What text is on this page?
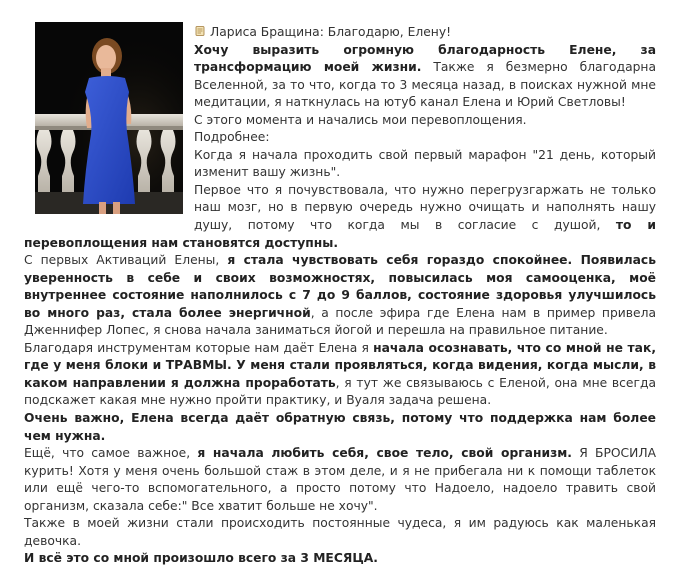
Лариса Бращина: Благодарю, Елену!

Хочу выразить огромную благодарность Елене, за трансформацию моей жизни. Также я безмерно благодарна Вселенной, за то что, когда то 3 месяца назад, в поисках нужной мне медитации, я наткнулась на ютуб канал Елена и Юрий Светловы!

С этого момента и начались мои перевоплощения.

Подробнее:

Когда я начала проходить свой первый марафон "21 день, который изменит вашу жизнь".

Первое что я почувствовала, что нужно перегрузгаржать не только наш мозг, но в первую очередь нужно очищать и наполнять нашу душу, потому что когда мы в согласие с душой, то и перевоплощения нам становятся доступны.

С первых Активаций Елены, я стала чувствовать себя гораздо спокойнее. Появилась уверенность в себе и своих возможностях, повысилась моя самооценка, моё внутреннее состояние наполнилось с 7 до 9 баллов, состояние здоровья улучшилось во много раз, стала более энергичной, а после эфира где Елена нам в пример привела Дженнифер Лопес, я снова начала заниматься йогой и перешла на правильное питание.

Благодаря инструментам которые нам даёт Елена я начала осознавать, что со мной не так, где у меня блоки и ТРАВМЫ. У меня стали проявляться, когда видения, когда мысли, в каком направлении я должна проработать, я тут же связываюсь с Еленой, она мне всегда подскажет какая мне нужно пройти практику, и Вуаля задача решена.

Очень важно, Елена всегда даёт обратную связь, потому что поддержка нам более чем нужна.

Ещё, что самое важное, я начала любить себя, свое тело, свой организм. Я БРОСИЛА курить! Хотя у меня очень большой стаж в этом деле, и я не прибегала ни к помощи таблеток или ещё чего-то вспомогательного, а просто потому что Надоело, надоело травить свой организм, сказала себе:" Все хватит больше не хочу".

Также в моей жизни стали происходить постоянные чудеса, я им радуюсь как маленькая девочка.

И всё это со мной произошло всего за 3 МЕСЯЦА.
